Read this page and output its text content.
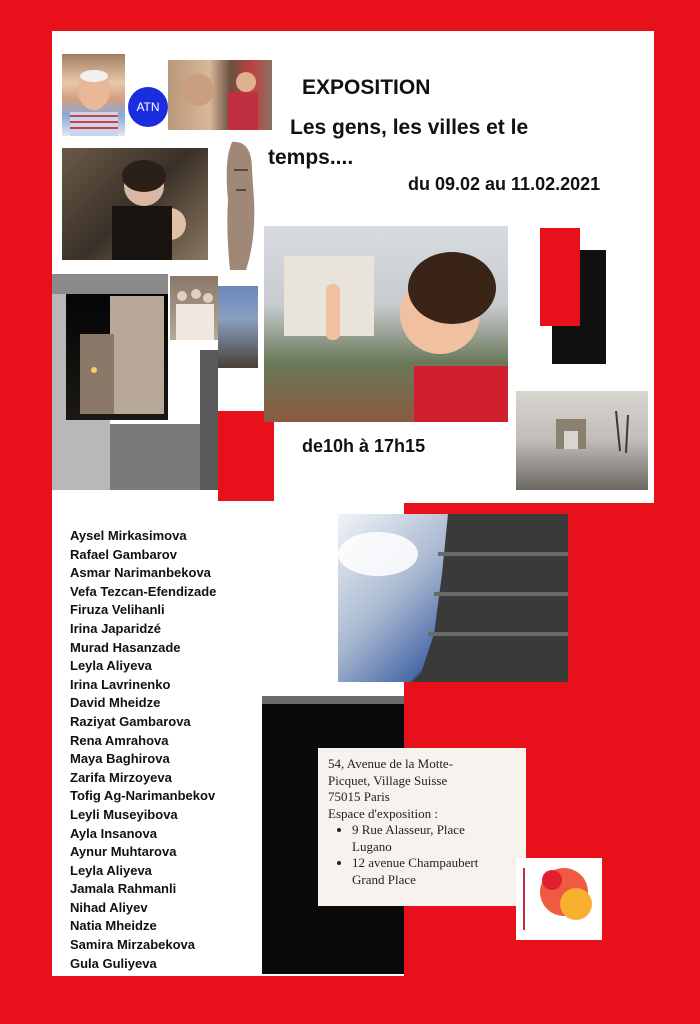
ATN
EXPOSITION
Les gens, les villes et le
temps....
du 09.02 au 11.02.2021
de10h à 17h15
Aysel Mirkasimova
Rafael Gambarov
Asmar Narimanbekova
Vefa Tezcan-Efendizade
Firuza Velihanli
Irina Japaridzé
Murad Hasanzade
Leyla Aliyeva
Irina Lavrinenko
David Mheidze
Raziyat Gambarova
Rena Amrahova
Maya Baghirova
Zarifa Mirzoyeva
Tofig Ag-Narimanbekov
Leyli Museyibova
Ayla Insanova
Aynur Muhtarova
Leyla Aliyeva
Jamala Rahmanli
Nihad Aliyev
Natia Mheidze
Samira Mirzabekova
Gula Guliyeva
54, Avenue de la Motte-
Picquet, Village Suisse
75015 Paris
Espace d'exposition :
• 9 Rue Alasseur, Place
Lugano
• 12 avenue Champaubert
Grand Place
